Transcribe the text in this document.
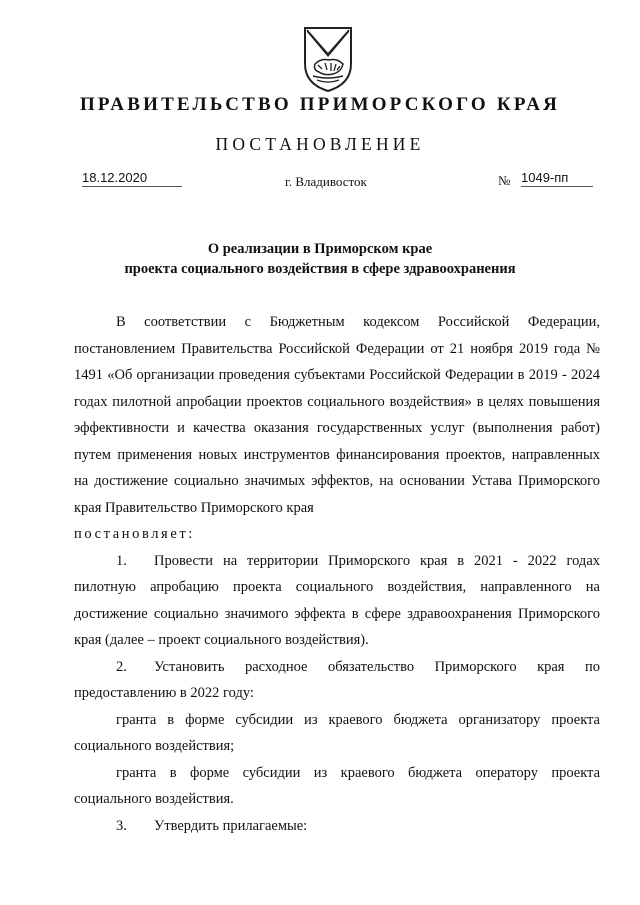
ПРАВИТЕЛЬСТВО ПРИМОРСКОГО КРАЯ
ПОСТАНОВЛЕНИЕ
18.12.2020	г. Владивосток	№ 1049-пп
О реализации в Приморском крае
проекта социального воздействия в сфере здравоохранения

В соответствии с Бюджетным кодексом Российской Федерации, постановлением Правительства Российской Федерации от 21 ноября 2019 года № 1491 «Об организации проведения субъектами Российской Федерации в 2019 - 2024 годах пилотной апробации проектов социального воздействия» в целях повышения эффективности и качества оказания государственных услуг (выполнения работ) путем применения новых инструментов финансирования проектов, направленных на достижение социально значимых эффектов, на основании Устава Приморского края Правительство Приморского края

постановляет:

1. Провести на территории Приморского края в 2021 - 2022 годах пилотную апробацию проекта социального воздействия, направленного на достижение социально значимого эффекта в сфере здравоохранения Приморского края (далее – проект социального воздействия).

2. Установить расходное обязательство Приморского края по предоставлению в 2022 году:

гранта в форме субсидии из краевого бюджета организатору проекта социального воздействия;

гранта в форме субсидии из краевого бюджета оператору проекта социального воздействия.

3. Утвердить прилагаемые:
